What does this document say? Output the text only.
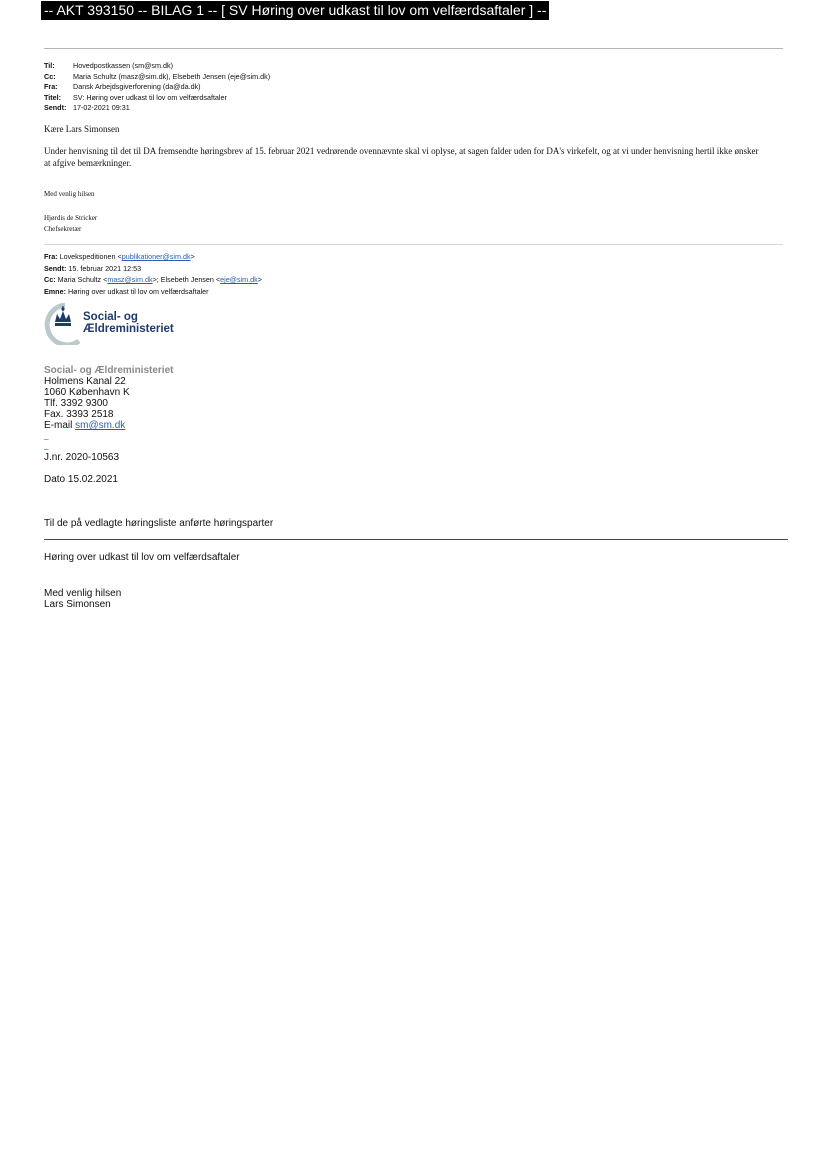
-- AKT 393150 -- BILAG 1 -- [ SV Høring over udkast til lov om velfærdsaftaler ] --
Til:	Hovedpostkassen (sm@sm.dk)
Cc:	Maria Schultz (masz@sim.dk), Elsebeth Jensen (eje@sim.dk)
Fra:	Dansk Arbejdsgiverforening (da@da.dk)
Titel:	SV: Høring over udkast til lov om velfærdsaftaler
Sendt: 17-02-2021 09:31
Kære Lars Simonsen
Under henvisning til det til DA fremsendte høringsbrev af 15. februar 2021 vedrørende ovennævnte skal vi oplyse, at sagen falder uden for DA's virkefelt, og at vi under henvisning hertil ikke ønsker at afgive bemærkninger.
Med venlig hilsen
Hjørdis de Stricker
Chefsekretær
Fra: Lovekspeditionen <publikationer@sim.dk>
Sendt: 15. februar 2021 12:53
Cc: Maria Schultz <masz@sim.dk>; Elsebeth Jensen <eje@sim.dk>
Emne: Høring over udkast til lov om velfærdsaftaler
Social- og
Ældreministeriet
Social- og Ældreministeriet
Holmens Kanal 22
1060 København K
Tlf. 3392 9300
Fax. 3393 2518
E-mail sm@sm.dk
_
_
J.nr. 2020-10563
Dato 15.02.2021
Til de på vedlagte høringsliste anførte høringsparter
Høring over udkast til lov om velfærdsaftaler
Med venlig hilsen
Lars Simonsen
